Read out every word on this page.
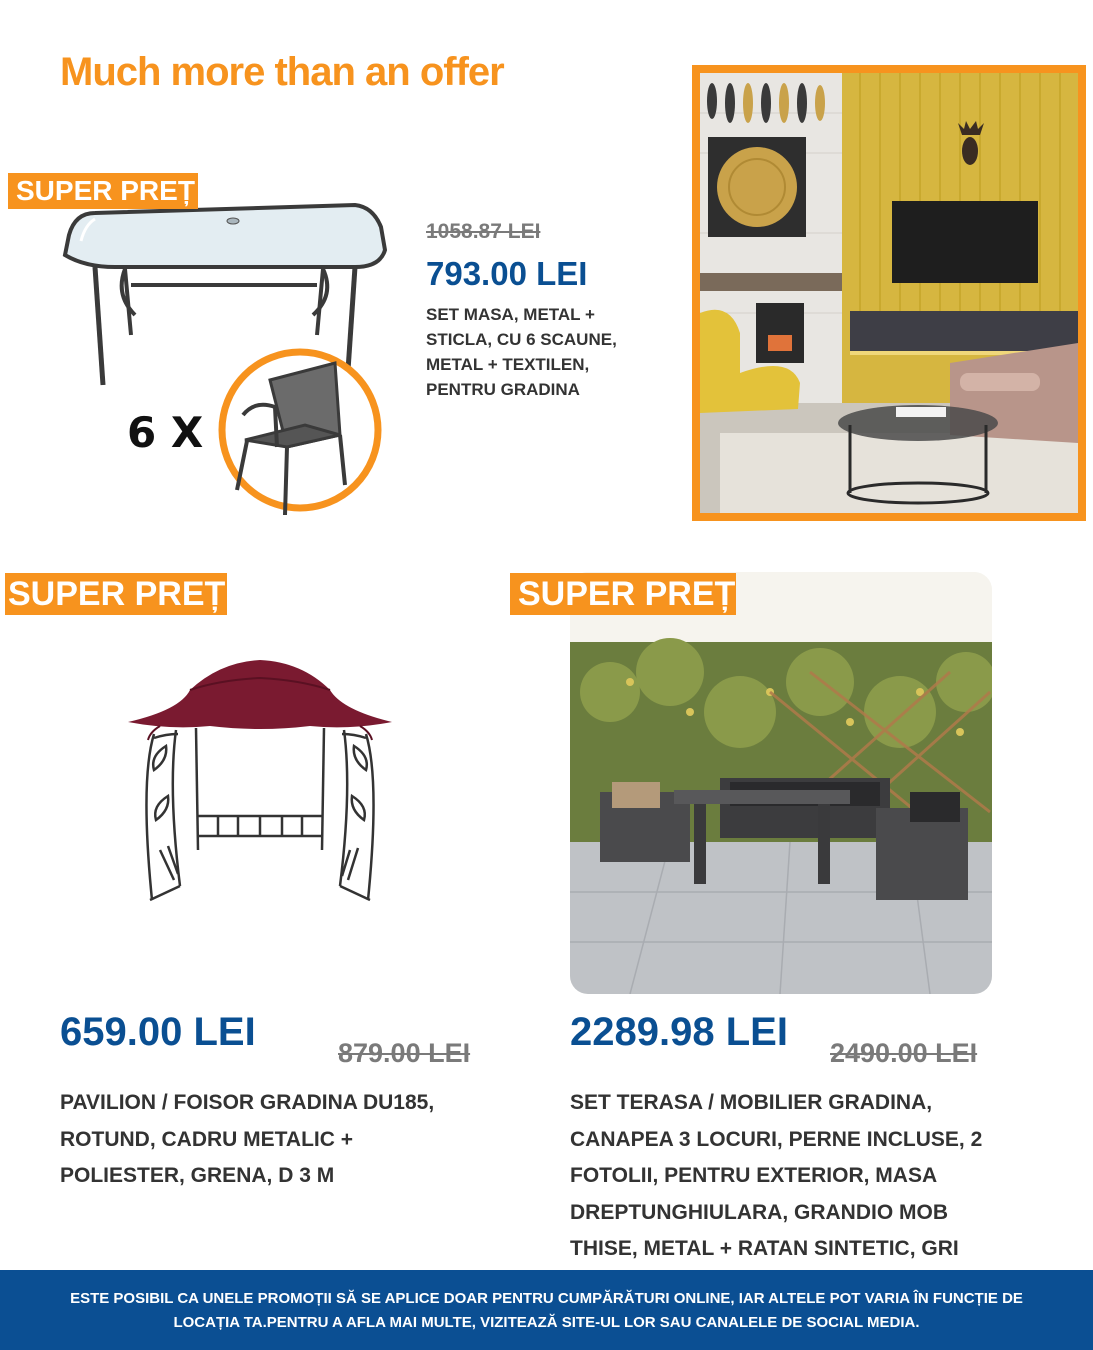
Much more than an offer
6 X
SUPER PREȚ
1058.87 LEI
793.00 LEI
SET MASA, METAL + STICLA, CU 6 SCAUNE, METAL + TEXTILEN, PENTRU GRADINA
SUPER PREȚ
659.00 LEI	879.00 LEI
PAVILION / FOISOR GRADINA DU185, ROTUND, CADRU METALIC + POLIESTER, GRENA, D 3 M
SUPER PREȚ
2289.98 LEI 2490.00 LEI
SET TERASA / MOBILIER GRADINA, CANAPEA 3 LOCURI, PERNE INCLUSE, 2 FOTOLII, PENTRU EXTERIOR, MASA DREPTUNGHIULARA, GRANDIO MOB THISE, METAL + RATAN SINTETIC, GRI
ESTE POSIBIL CA UNELE PROMOȚII SĂ SE APLICE DOAR PENTRU CUMPĂRĂTURI ONLINE, IAR ALTELE POT VARIA ÎN FUNCȚIE DE LOCAȚIA TA.PENTRU A AFLA MAI MULTE, VIZITEAZĂ SITE-UL LOR SAU CANALELE DE SOCIAL MEDIA.
